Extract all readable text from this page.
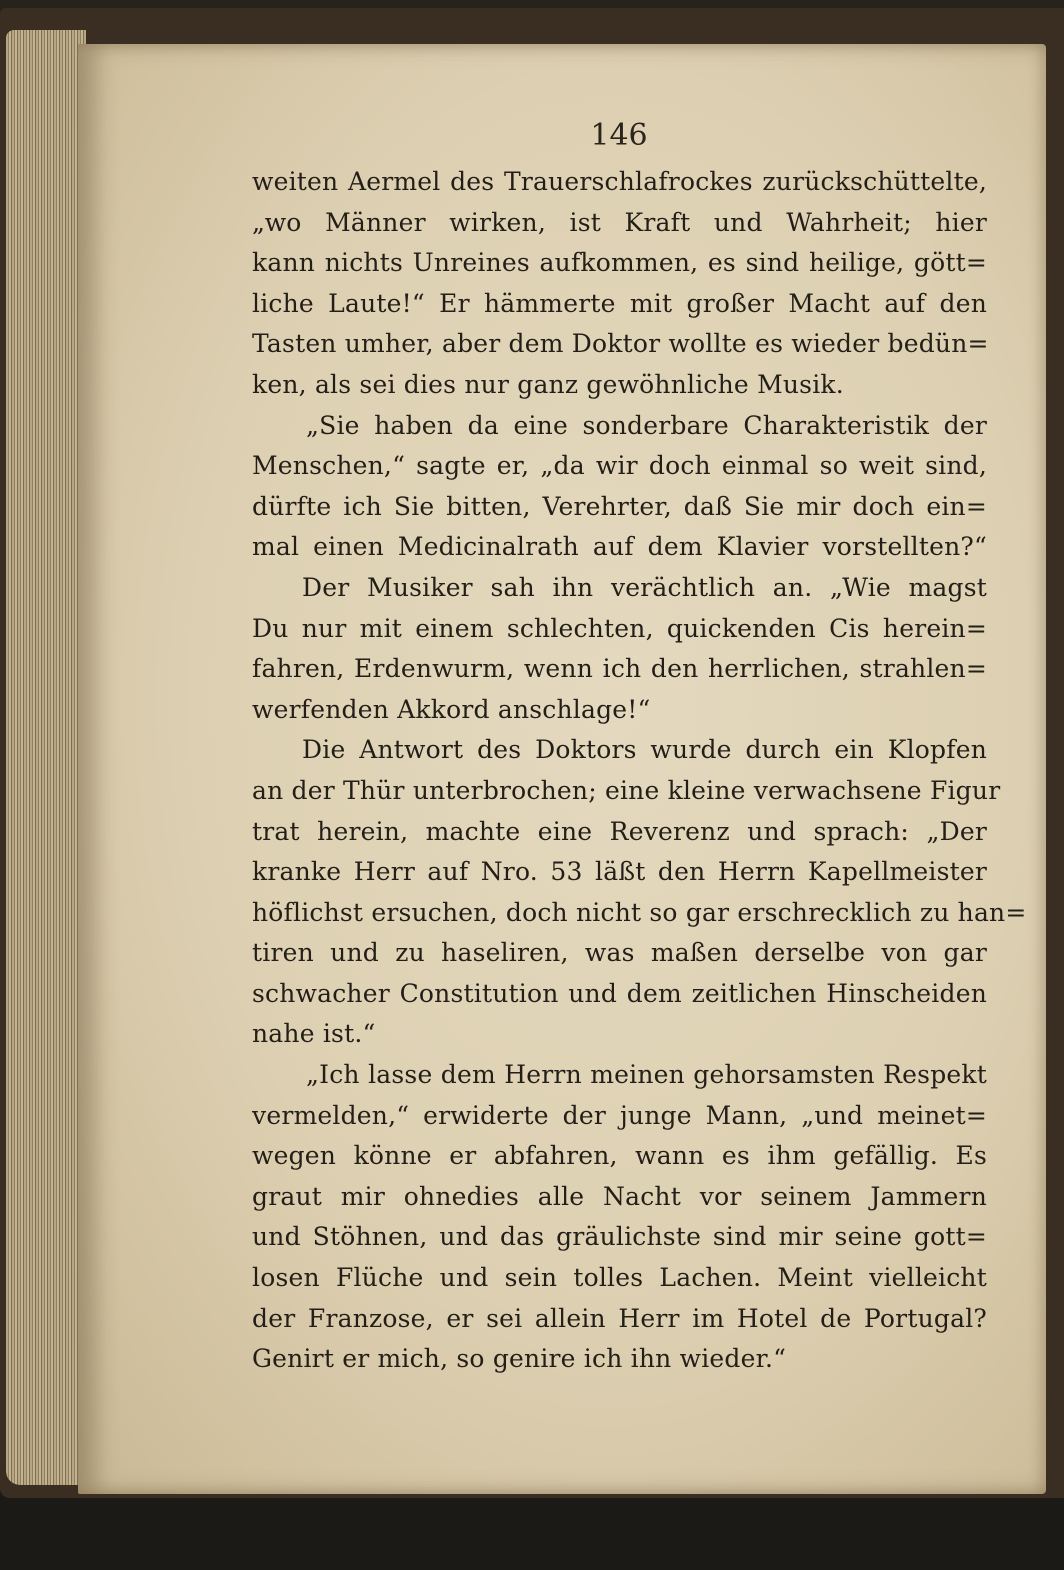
146
weiten Aermel des Trauerschlafrockes zurückschüttelte,
„wo Männer wirken, ist Kraft und Wahrheit; hier
kann nichts Unreines aufkommen, es sind heilige, gött=
liche Laute!“ Er hämmerte mit großer Macht auf den
Tasten umher, aber dem Doktor wollte es wieder bedün=
ken, als sei dies nur ganz gewöhnliche Musik.
„Sie haben da eine sonderbare Charakteristik der
Menschen,“ sagte er, „da wir doch einmal so weit sind,
dürfte ich Sie bitten, Verehrter, daß Sie mir doch ein=
mal einen Medicinalrath auf dem Klavier vorstellten?“
Der Musiker sah ihn verächtlich an. „Wie magst
Du nur mit einem schlechten, quickenden Cis herein=
fahren, Erdenwurm, wenn ich den herrlichen, strahlen=
werfenden Akkord anschlage!“
Die Antwort des Doktors wurde durch ein Klopfen
an der Thür unterbrochen; eine kleine verwachsene Figur
trat herein, machte eine Reverenz und sprach: „Der
kranke Herr auf Nro. 53 läßt den Herrn Kapellmeister
höflichst ersuchen, doch nicht so gar erschrecklich zu han=
tiren und zu haseliren, was maßen derselbe von gar
schwacher Constitution und dem zeitlichen Hinscheiden
nahe ist.“
„Ich lasse dem Herrn meinen gehorsamsten Respekt
vermelden,“ erwiderte der junge Mann, „und meinet=
wegen könne er abfahren, wann es ihm gefällig. Es
graut mir ohnedies alle Nacht vor seinem Jammern
und Stöhnen, und das gräulichste sind mir seine gott=
losen Flüche und sein tolles Lachen. Meint vielleicht
der Franzose, er sei allein Herr im Hotel de Portugal?
Genirt er mich, so genire ich ihn wieder.“
